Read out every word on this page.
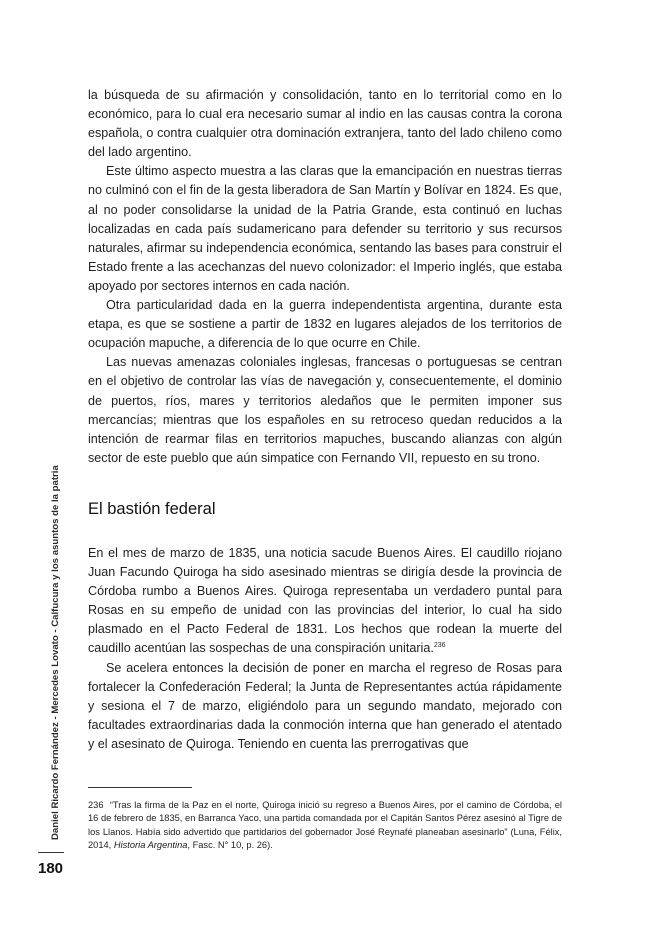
Daniel Ricardo Fernández - Mercedes Lovato - Calfucura y los asuntos de la patria

la búsqueda de su afirmación y consolidación, tanto en lo territorial como en lo económico, para lo cual era necesario sumar al indio en las causas contra la corona española, o contra cualquier otra dominación extranjera, tanto del lado chileno como del lado argentino.

Este último aspecto muestra a las claras que la emancipación en nuestras tierras no culminó con el fin de la gesta liberadora de San Martín y Bolívar en 1824. Es que, al no poder consolidarse la unidad de la Patria Grande, esta continuó en luchas localizadas en cada país sudamericano para defender su territorio y sus recursos naturales, afirmar su independencia económica, sentando las bases para construir el Estado frente a las acechanzas del nuevo colonizador: el Imperio inglés, que estaba apoyado por sectores internos en cada nación.

Otra particularidad dada en la guerra independentista argentina, durante esta etapa, es que se sostiene a partir de 1832 en lugares alejados de los territorios de ocupación mapuche, a diferencia de lo que ocurre en Chile.

Las nuevas amenazas coloniales inglesas, francesas o portuguesas se centran en el objetivo de controlar las vías de navegación y, consecuentemente, el dominio de puertos, ríos, mares y territorios aledaños que le permiten imponer sus mercancías; mientras que los españoles en su retroceso quedan reducidos a la intención de rearmar filas en territorios mapuches, buscando alianzas con algún sector de este pueblo que aún simpatice con Fernando VII, repuesto en su trono.

El bastión federal

En el mes de marzo de 1835, una noticia sacude Buenos Aires. El caudillo riojano Juan Facundo Quiroga ha sido asesinado mientras se dirigía desde la provincia de Córdoba rumbo a Buenos Aires. Quiroga representaba un verdadero puntal para Rosas en su empeño de unidad con las provincias del interior, lo cual ha sido plasmado en el Pacto Federal de 1831. Los hechos que rodean la muerte del caudillo acentúan las sospechas de una conspiración unitaria.$^{236}$

Se acelera entonces la decisión de poner en marcha el regreso de Rosas para fortalecer la Confederación Federal; la Junta de Representantes actúa rápidamente y sesiona el 7 de marzo, eligiéndolo para un segundo mandato, mejorado con facultades extraordinarias dada la conmoción interna que han generado el atentado y el asesinato de Quiroga. Teniendo en cuenta las prerrogativas que

236 “Tras la firma de la Paz en el norte, Quiroga inició su regreso a Buenos Aires, por el camino de Córdoba, el 16 de febrero de 1835, en Barranca Yaco, una partida comandada por el Capitán Santos Pérez asesinó al Tigre de los Llanos. Había sido advertido que partidarios del gobernador José Reynafé planeaban asesinarlo” (Luna, Félix, 2014, Historia Argentina, Fasc. N° 10, p. 26).

180
